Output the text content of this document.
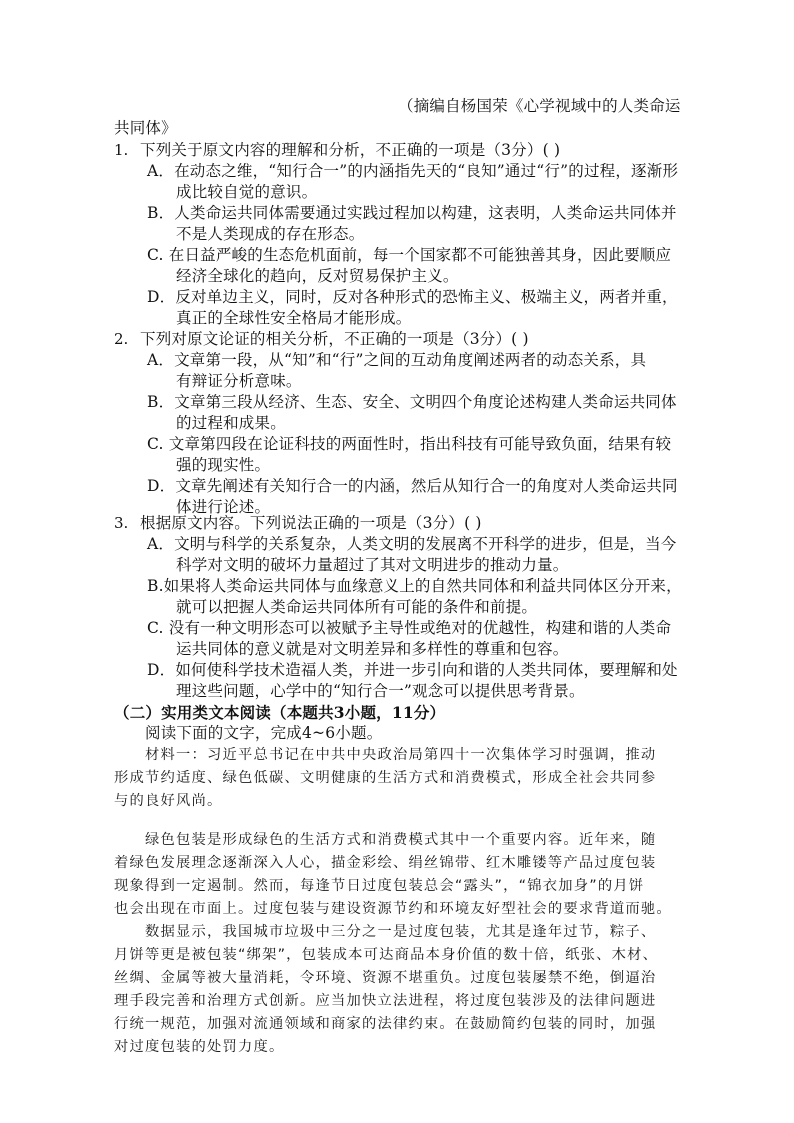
（摘编自杨国荣《心学视域中的人类命运
共同体》
1. 下列关于原文内容的理解和分析，不正确的一项是（3分）( )
A．在动态之维，“知行合一”的内涵指先天的“良知”通过“行”的过程，逐渐形
成比较自觉的意识。
B．人类命运共同体需要通过实践过程加以构建，这表明，人类命运共同体并
不是人类现成的存在形态。
C. 在日益严峻的生态危机面前，每一个国家都不可能独善其身，因此要顺应
经济全球化的趋向，反对贸易保护主义。
D．反对单边主义，同时，反对各种形式的恐怖主义、极端主义，两者并重，
真正的全球性安全格局才能形成。
2. 下列对原文论证的相关分析，不正确的一项是（3分）( )
A．文章第一段，从“知”和“行”之间的互动角度阐述两者的动态关系，具
有辩证分析意味。
B．文章第三段从经济、生态、安全、文明四个角度论述构建人类命运共同体
的过程和成果。
C. 文章第四段在论证科技的两面性时，指出科技有可能导致负面，结果有较
强的现实性。
D．文章先阐述有关知行合一的内涵，然后从知行合一的角度对人类命运共同
体进行论述。
3. 根据原文内容。下列说法正确的一项是（3分）( )
A．文明与科学的关系复杂，人类文明的发展离不开科学的进步，但是，当今
科学对文明的破坏力量超过了其对文明进步的推动力量。
B.如果将人类命运共同体与血缘意义上的自然共同体和利益共同体区分开来，
就可以把握人类命运共同体所有可能的条件和前提。
C. 没有一种文明形态可以被赋予主导性或绝对的优越性，构建和谐的人类命
运共同体的意义就是对文明差异和多样性的尊重和包容。
D．如何使科学技术造福人类，并进一步引向和谐的人类共同体，要理解和处
理这些问题，心学中的“知行合一”观念可以提供思考背景。
（二）实用类文本阅读（本题共3小题，11分）
阅读下面的文字，完成4~6小题。
材料一：习近平总书记在中共中央政治局第四十一次集体学习时强调，推动
形成节约适度、绿色低碳、文明健康的生活方式和消费模式，形成全社会共同参
与的良好风尚。
绿色包装是形成绿色的生活方式和消费模式其中一个重要内容。近年来，随
着绿色发展理念逐渐深入人心，描金彩绘、绢丝锦带、红木雕镂等产品过度包装
现象得到一定遏制。然而，每逢节日过度包装总会“露头”，“锦衣加身”的月饼
也会出现在市面上。过度包装与建设资源节约和环境友好型社会的要求背道而驰。
数据显示，我国城市垃圾中三分之一是过度包装，尤其是逢年过节，粽子、
月饼等更是被包装“绑架”，包装成本可达商品本身价值的数十倍，纸张、木材、
丝绸、金属等被大量消耗，令环境、资源不堪重负。过度包装屡禁不绝，倒逼治
理手段完善和治理方式创新。应当加快立法进程，将过度包装涉及的法律问题进
行统一规范，加强对流通领域和商家的法律约束。在鼓励简约包装的同时，加强
对过度包装的处罚力度。
